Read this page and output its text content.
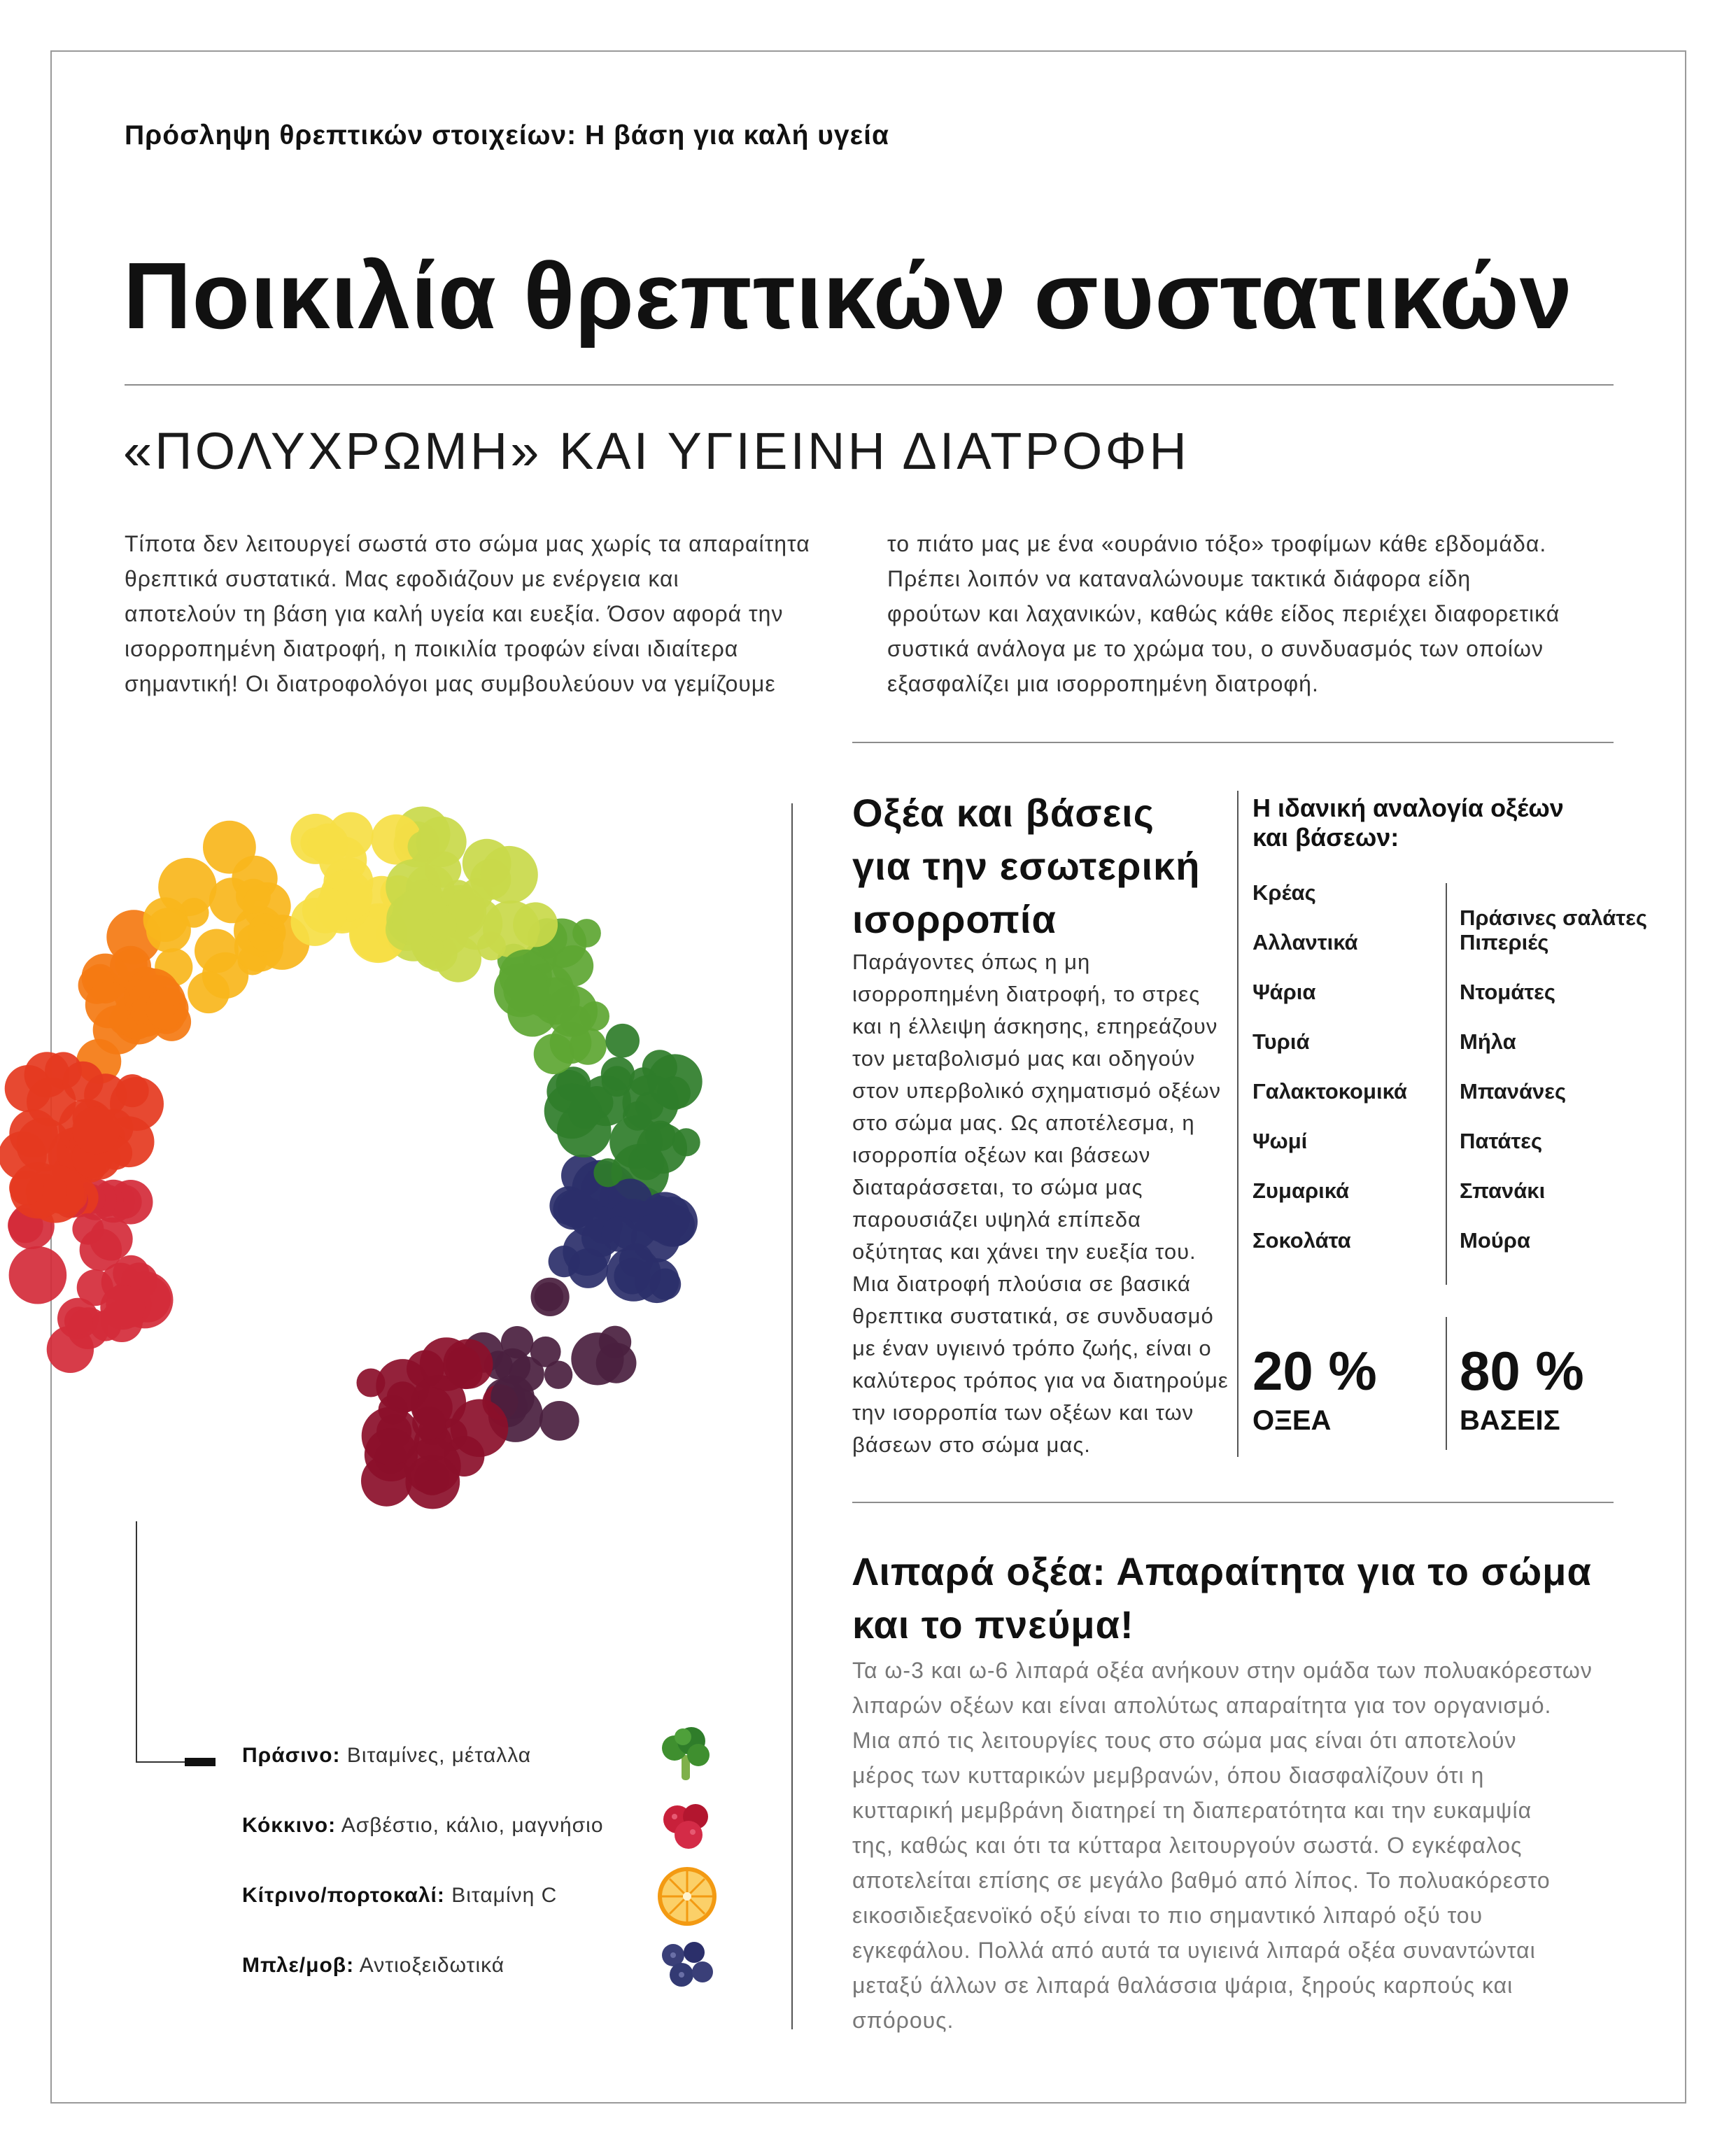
Πρόσληψη θρεπτικών στοιχείων: Η βάση για καλή υγεία
Ποικιλία θρεπτικών συστατικών
«ΠΟΛΥΧΡΩΜΗ» ΚΑΙ ΥΓΙΕΙΝΗ ΔΙΑΤΡΟΦΗ
Τίποτα δεν λειτουργεί σωστά στο σώμα μας χωρίς τα απαραίτητα
θρεπτικά συστατικά. Μας εφοδιάζουν με ενέργεια και
αποτελούν τη βάση για καλή υγεία και ευεξία. Όσον αφορά την
ισορροπημένη διατροφή, η ποικιλία τροφών είναι ιδιαίτερα
σημαντική! Οι διατροφολόγοι μας συμβουλεύουν να γεμίζουμε
το πιάτο μας με ένα «ουράνιο τόξο» τροφίμων κάθε εβδομάδα.
Πρέπει λοιπόν να καταναλώνουμε τακτικά διάφορα είδη
φρούτων και λαχανικών, καθώς κάθε είδος περιέχει διαφορετικά
συστικά ανάλογα με το χρώμα του, ο συνδυασμός των οποίων
εξασφαλίζει μια ισορροπημένη διατροφή.
Οξέα και βάσεις
για την εσωτερική
ισορροπία
Παράγοντες όπως η μη
ισορροπημένη διατροφή, το στρες
και η έλλειψη άσκησης, επηρεάζουν
τον μεταβολισμό μας και οδηγούν
στον υπερβολικό σχηματισμό οξέων
στο σώμα μας. Ως αποτέλεσμα, η
ισορροπία οξέων και βάσεων
διαταράσσεται, το σώμα μας
παρουσιάζει υψηλά επίπεδα
οξύτητας και χάνει την ευεξία του.
Μια διατροφή πλούσια σε βασικά
θρεπτικα συστατικά, σε συνδυασμό
με έναν υγιεινό τρόπο ζωής, είναι ο
καλύτερος τρόπος για να διατηρούμε
την ισορροπία των οξέων και των
βάσεων στο σώμα μας.
Η ιδανική αναλογία οξέων
και βάσεων:
Κρέας
Αλλαντικά
Ψάρια
Τυριά
Γαλακτοκομικά
Ψωμί
Ζυμαρικά
Σοκολάτα
Πράσινες σαλάτες
Πιπεριές
Ντομάτες
Μήλα
Μπανάνες
Πατάτες
Σπανάκι
Μούρα
20 %
ΟΞΕΑ
80 %
ΒΑΣΕΙΣ
Λιπαρά οξέα: Απαραίτητα για το σώμα
και το πνεύμα!
Τα ω-3 και ω-6 λιπαρά οξέα ανήκουν στην ομάδα των πολυακόρεστων
λιπαρών οξέων και είναι απολύτως απαραίτητα για τον οργανισμό.
Μια από τις λειτουργίες τους στο σώμα μας είναι ότι αποτελούν
μέρος των κυτταρικών μεμβρανών, όπου διασφαλίζουν ότι η
κυτταρική μεμβράνη διατηρεί τη διαπερατότητα και την ευκαμψία
της, καθώς και ότι τα κύτταρα λειτουργούν σωστά. Ο εγκέφαλος
αποτελείται επίσης σε μεγάλο βαθμό από λίπος. Το πολυακόρεστο
εικοσιδιεξαενοϊκό οξύ είναι το πιο σημαντικό λιπαρό οξύ του
εγκεφάλου. Πολλά από αυτά τα υγιεινά λιπαρά οξέα συναντώνται
μεταξύ άλλων σε λιπαρά θαλάσσια ψάρια, ξηρούς καρπούς και
σπόρους.
Πράσινο: Βιταμίνες, μέταλλα
Κόκκινο: Ασβέστιο, κάλιο, μαγνήσιο
Κίτρινο/πορτοκαλί: Βιταμίνη C
Μπλε/μοβ: Αντιοξειδωτικά
